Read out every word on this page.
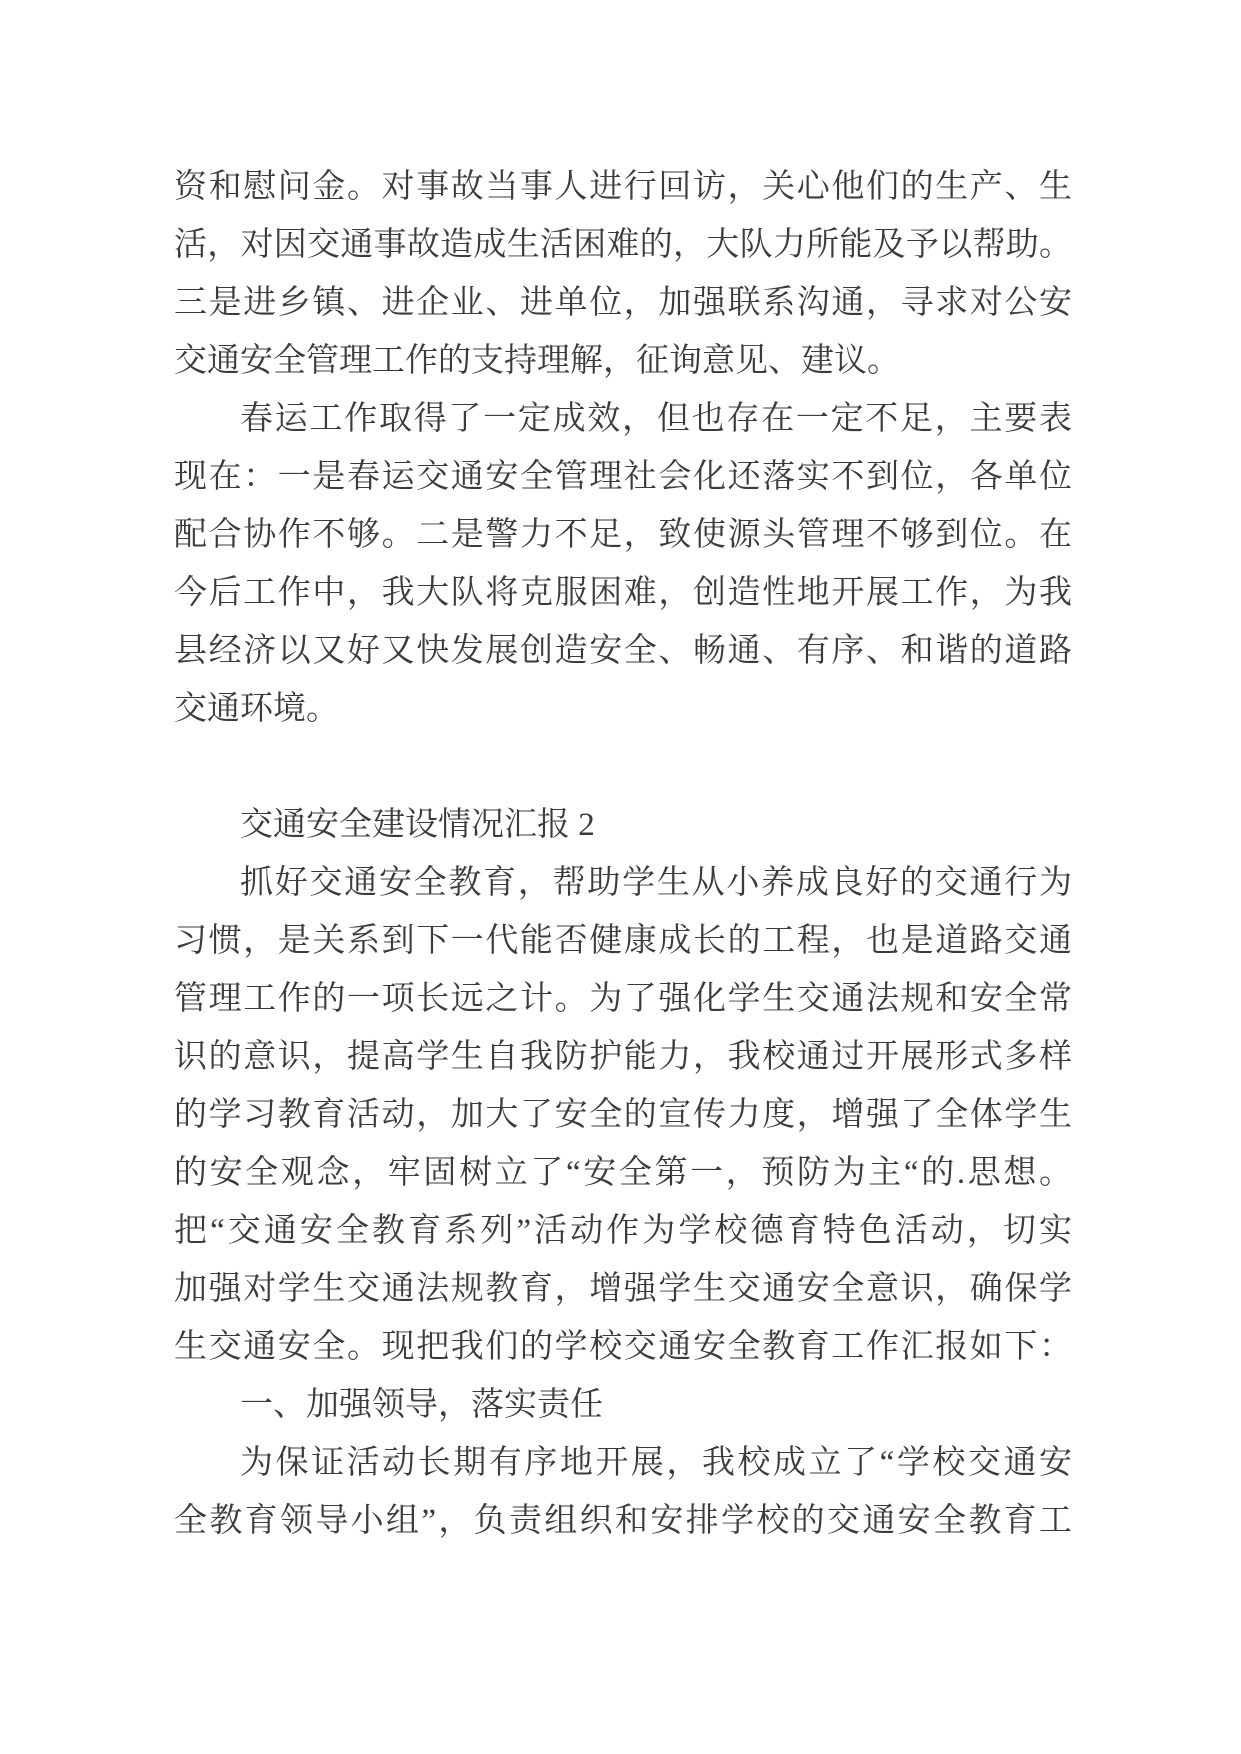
资和慰问金。对事故当事人进行回访，关心他们的生产、生
活，对因交通事故造成生活困难的，大队力所能及予以帮助。
三是进乡镇、进企业、进单位，加强联系沟通，寻求对公安
交通安全管理工作的支持理解，征询意见、建议。
春运工作取得了一定成效，但也存在一定不足，主要表
现在：一是春运交通安全管理社会化还落实不到位，各单位
配合协作不够。二是警力不足，致使源头管理不够到位。在
今后工作中，我大队将克服困难，创造性地开展工作，为我
县经济以又好又快发展创造安全、畅通、有序、和谐的道路
交通环境。
交通安全建设情况汇报 2
抓好交通安全教育，帮助学生从小养成良好的交通行为
习惯，是关系到下一代能否健康成长的工程，也是道路交通
管理工作的一项长远之计。为了强化学生交通法规和安全常
识的意识，提高学生自我防护能力，我校通过开展形式多样
的学习教育活动，加大了安全的宣传力度，增强了全体学生
的安全观念，牢固树立了“安全第一，预防为主“的.思想。
把“交通安全教育系列”活动作为学校德育特色活动，切实
加强对学生交通法规教育，增强学生交通安全意识，确保学
生交通安全。现把我们的学校交通安全教育工作汇报如下：
一、加强领导，落实责任
为保证活动长期有序地开展，我校成立了“学校交通安
全教育领导小组”，负责组织和安排学校的交通安全教育工
